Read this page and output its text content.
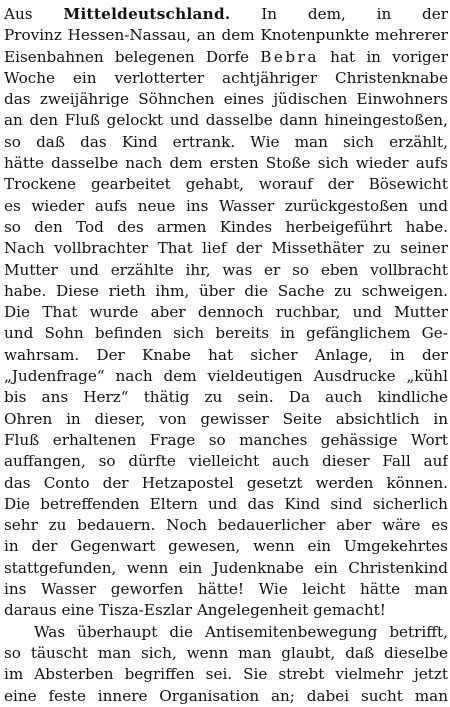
Aus Mitteldeutschland. In dem, in der
Provinz Hessen-Nassau, an dem Knotenpunkte mehrerer
Eisenbahnen belegenen Dorfe Bebra hat in voriger
Woche ein verlotterter achtjähriger Christenknabe
das zweijährige Söhnchen eines jüdischen Einwohners
an den Fluß gelockt und dasselbe dann hineingestoßen,
so daß das Kind ertrank. Wie man sich erzählt,
hätte dasselbe nach dem ersten Stoße sich wieder aufs
Trockene gearbeitet gehabt, worauf der Bösewicht
es wieder aufs neue ins Wasser zurückgestoßen und
so den Tod des armen Kindes herbeigeführt habe.
Nach vollbrachter That lief der Missethäter zu seiner
Mutter und erzählte ihr, was er so eben vollbracht
habe. Diese rieth ihm, über die Sache zu schweigen.
Die That wurde aber dennoch ruchbar, und Mutter
und Sohn befinden sich bereits in gefänglichem Ge-
wahrsam. Der Knabe hat sicher Anlage, in der
„Judenfrage“ nach dem vieldeutigen Ausdrucke „kühl
bis ans Herz“ thätig zu sein. Da auch kindliche
Ohren in dieser, von gewisser Seite absichtlich in
Fluß erhaltenen Frage so manches gehässige Wort
auffangen, so dürfte vielleicht auch dieser Fall auf
das Conto der Hetzapostel gesetzt werden können.
Die betreffenden Eltern und das Kind sind sicherlich
sehr zu bedauern. Noch bedauerlicher aber wäre es
in der Gegenwart gewesen, wenn ein Umgekehrtes
stattgefunden, wenn ein Judenknabe ein Christenkind
ins Wasser geworfen hätte! Wie leicht hätte man
daraus
eine
Tisza-Eszlar
Angelegenheit
gemacht!
Was überhaupt die Antisemitenbewegung betrifft,
so täuscht man sich, wenn man glaubt, daß dieselbe
im Absterben begriffen sei. Sie strebt vielmehr jetzt
eine feste innere Organisation an; dabei sucht man
